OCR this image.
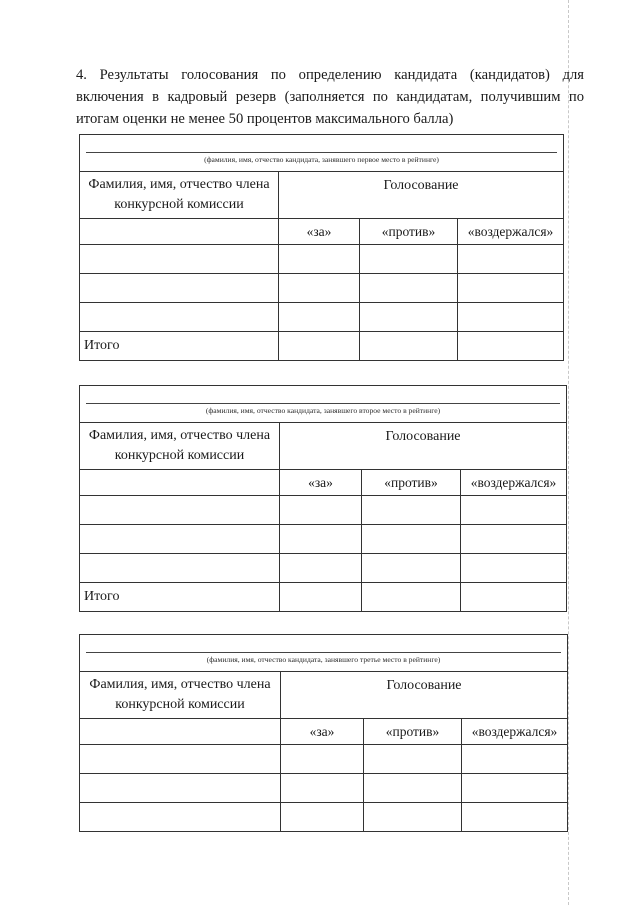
4. Результаты голосования по определению кандидата (кандидатов) для включения в кадровый резерв (заполняется по кандидатам, получившим по итогам оценки не менее 50 процентов максимального балла)
(фамилия, имя, отчество кандидата, занявшего первое место в рейтинге)			

Фамилия, имя, отчество члена конкурсной комиссии	Голосование		

	«за»	«против»	«воздержался»

Итого			
(фамилия, имя, отчество кандидата, занявшего второе место в рейтинге)			

Фамилия, имя, отчество члена конкурсной комиссии	Голосование		

	«за»	«против»	«воздержался»

Итого			
(фамилия, имя, отчество кандидата, занявшего третье место в рейтинге)			

Фамилия, имя, отчество члена конкурсной комиссии	Голосование		

	«за»	«против»	«воздержался»
